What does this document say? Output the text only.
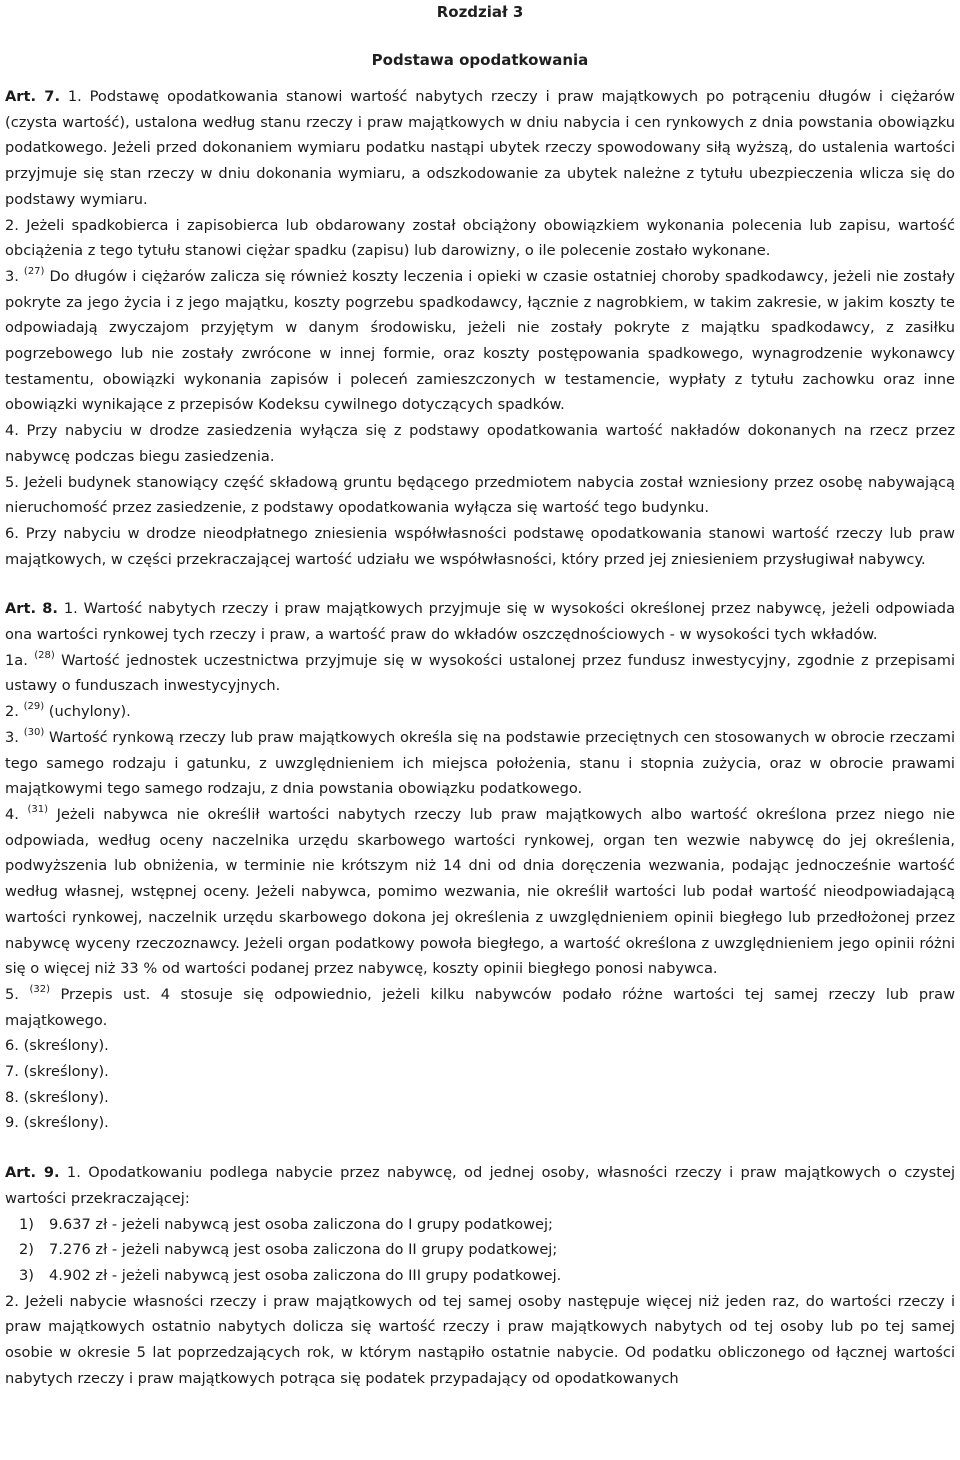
Rozdział 3
Podstawa opodatkowania

Art. 7. 1. Podstawę opodatkowania stanowi wartość nabytych rzeczy i praw majątkowych po potrąceniu długów i ciężarów (czysta wartość), ustalona według stanu rzeczy i praw majątkowych w dniu nabycia i cen rynkowych z dnia powstania obowiązku podatkowego. Jeżeli przed dokonaniem wymiaru podatku nastąpi ubytek rzeczy spowodowany siłą wyższą, do ustalenia wartości przyjmuje się stan rzeczy w dniu dokonania wymiaru, a odszkodowanie za ubytek należne z tytułu ubezpieczenia wlicza się do podstawy wymiaru.

2. Jeżeli spadkobierca i zapisobierca lub obdarowany został obciążony obowiązkiem wykonania polecenia lub zapisu, wartość obciążenia z tego tytułu stanowi ciężar spadku (zapisu) lub darowizny, o ile polecenie zostało wykonane.

3. $^{(27)}$ Do długów i ciężarów zalicza się również koszty leczenia i opieki w czasie ostatniej choroby spadkodawcy, jeżeli nie zostały pokryte za jego życia i z jego majątku, koszty pogrzebu spadkodawcy, łącznie z nagrobkiem, w takim zakresie, w jakim koszty te odpowiadają zwyczajom przyjętym w danym środowisku, jeżeli nie zostały pokryte z majątku spadkodawcy, z zasiłku pogrzebowego lub nie zostały zwrócone w innej formie, oraz koszty postępowania spadkowego, wynagrodzenie wykonawcy testamentu, obowiązki wykonania zapisów i poleceń zamieszczonych w testamencie, wypłaty z tytułu zachowku oraz inne obowiązki wynikające z przepisów Kodeksu cywilnego dotyczących spadków.

4. Przy nabyciu w drodze zasiedzenia wyłącza się z podstawy opodatkowania wartość nakładów dokonanych na rzecz przez nabywcę podczas biegu zasiedzenia.

5. Jeżeli budynek stanowiący część składową gruntu będącego przedmiotem nabycia został wzniesiony przez osobę nabywającą nieruchomość przez zasiedzenie, z podstawy opodatkowania wyłącza się wartość tego budynku.

6. Przy nabyciu w drodze nieodpłatnego zniesienia współwłasności podstawę opodatkowania stanowi wartość rzeczy lub praw majątkowych, w części przekraczającej wartość udziału we współwłasności, który przed jej zniesieniem przysługiwał nabywcy.

Art. 8. 1. Wartość nabytych rzeczy i praw majątkowych przyjmuje się w wysokości określonej przez nabywcę, jeżeli odpowiada ona wartości rynkowej tych rzeczy i praw, a wartość praw do wkładów oszczędnościowych - w wysokości tych wkładów.

1a. $^{(28)}$ Wartość jednostek uczestnictwa przyjmuje się w wysokości ustalonej przez fundusz inwestycyjny, zgodnie z przepisami ustawy o funduszach inwestycyjnych.

2. $^{(29)}$ (uchylony).

3. $^{(30)}$ Wartość rynkową rzeczy lub praw majątkowych określa się na podstawie przeciętnych cen stosowanych w obrocie rzeczami tego samego rodzaju i gatunku, z uwzględnieniem ich miejsca położenia, stanu i stopnia zużycia, oraz w obrocie prawami majątkowymi tego samego rodzaju, z dnia powstania obowiązku podatkowego.

4. $^{(31)}$ Jeżeli nabywca nie określił wartości nabytych rzeczy lub praw majątkowych albo wartość określona przez niego nie odpowiada, według oceny naczelnika urzędu skarbowego wartości rynkowej, organ ten wezwie nabywcę do jej określenia, podwyższenia lub obniżenia, w terminie nie krótszym niż 14 dni od dnia doręczenia wezwania, podając jednocześnie wartość według własnej, wstępnej oceny. Jeżeli nabywca, pomimo wezwania, nie określił wartości lub podał wartość nieodpowiadającą wartości rynkowej, naczelnik urzędu skarbowego dokona jej określenia z uwzględnieniem opinii biegłego lub przedłożonej przez nabywcę wyceny rzeczoznawcy. Jeżeli organ podatkowy powoła biegłego, a wartość określona z uwzględnieniem jego opinii różni się o więcej niż 33 % od wartości podanej przez nabywcę, koszty opinii biegłego ponosi nabywca.

5. $^{(32)}$ Przepis ust. 4 stosuje się odpowiednio, jeżeli kilku nabywców podało różne wartości tej samej rzeczy lub praw majątkowego.

6. (skreślony).

7. (skreślony).

8. (skreślony).

9. (skreślony).

Art. 9. 1. Opodatkowaniu podlega nabycie przez nabywcę, od jednej osoby, własności rzeczy i praw majątkowych o czystej wartości przekraczającej:

1) 9.637 zł - jeżeli nabywcą jest osoba zaliczona do I grupy podatkowej;
2) 7.276 zł - jeżeli nabywcą jest osoba zaliczona do II grupy podatkowej;
3) 4.902 zł - jeżeli nabywcą jest osoba zaliczona do III grupy podatkowej.

2. Jeżeli nabycie własności rzeczy i praw majątkowych od tej samej osoby następuje więcej niż jeden raz, do wartości rzeczy i praw majątkowych ostatnio nabytych dolicza się wartość rzeczy i praw majątkowych nabytych od tej osoby lub po tej samej osobie w okresie 5 lat poprzedzających rok, w którym nastąpiło ostatnie nabycie. Od podatku obliczonego od łącznej wartości nabytych rzeczy i praw majątkowych potrąca się podatek przypadający od opodatkowanych
